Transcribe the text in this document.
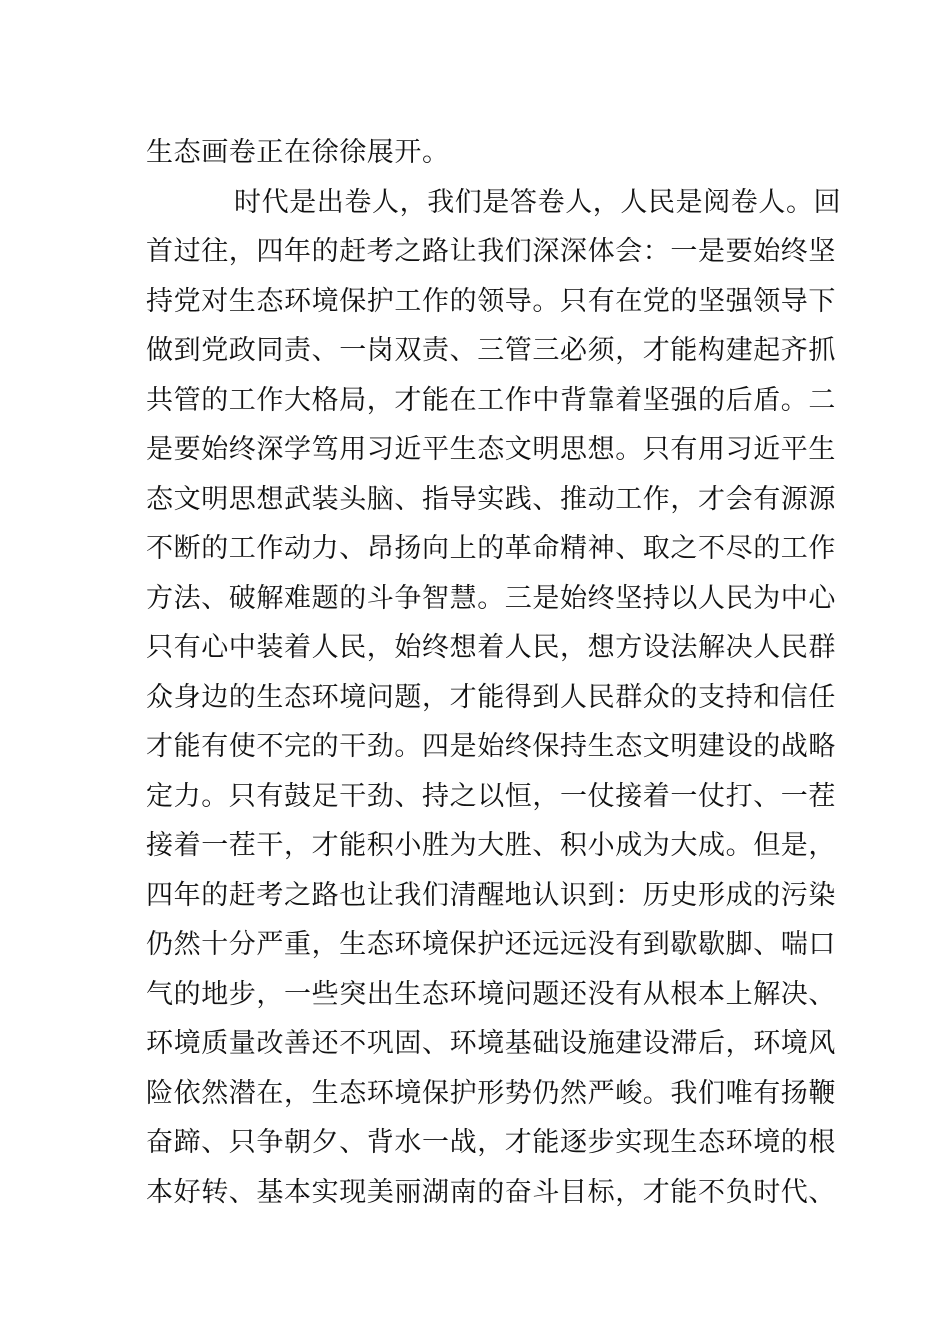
生态画卷正在徐徐展开。
时代是出卷人，我们是答卷人，人民是阅卷人。回
首过往，四年的赶考之路让我们深深体会：一是要始终坚
持党对生态环境保护工作的领导。只有在党的坚强领导下
做到党政同责、一岗双责、三管三必须，才能构建起齐抓
共管的工作大格局，才能在工作中背靠着坚强的后盾。二
是要始终深学笃用习近平生态文明思想。只有用习近平生
态文明思想武装头脑、指导实践、推动工作，才会有源源
不断的工作动力、昂扬向上的革命精神、取之不尽的工作
方法、破解难题的斗争智慧。三是始终坚持以人民为中心
只有心中装着人民，始终想着人民，想方设法解决人民群
众身边的生态环境问题，才能得到人民群众的支持和信任
才能有使不完的干劲。四是始终保持生态文明建设的战略
定力。只有鼓足干劲、持之以恒，一仗接着一仗打、一茬
接着一茬干，才能积小胜为大胜、积小成为大成。但是，
四年的赶考之路也让我们清醒地认识到：历史形成的污染
仍然十分严重，生态环境保护还远远没有到歇歇脚、喘口
气的地步，一些突出生态环境问题还没有从根本上解决、
环境质量改善还不巩固、环境基础设施建设滞后，环境风
险依然潜在，生态环境保护形势仍然严峻。我们唯有扬鞭
奋蹄、只争朝夕、背水一战，才能逐步实现生态环境的根
本好转、基本实现美丽湖南的奋斗目标，才能不负时代、
